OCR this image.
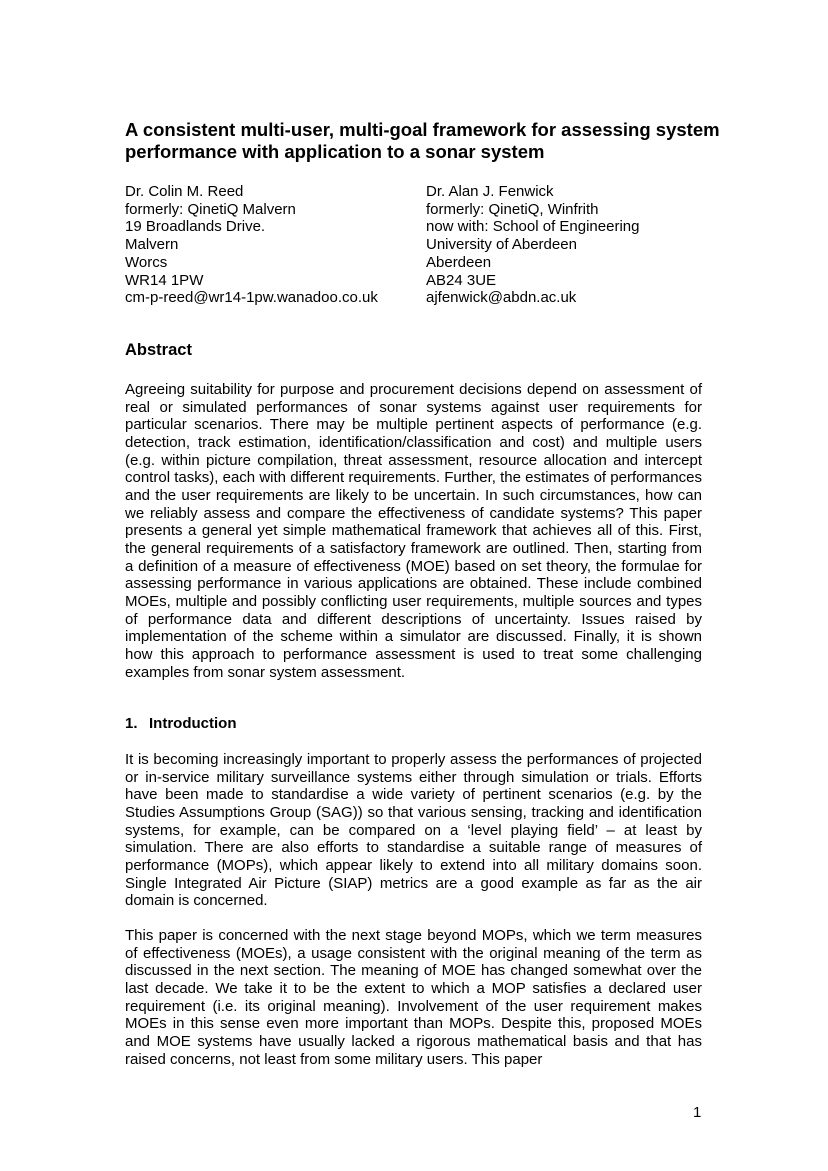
A consistent multi-user, multi-goal framework for assessing system performance with application to a sonar system
Dr. Colin M. Reed
formerly: QinetiQ Malvern
19 Broadlands Drive.
Malvern
Worcs
WR14 1PW
cm-p-reed@wr14-1pw.wanadoo.co.uk
Dr. Alan J. Fenwick
formerly: QinetiQ, Winfrith
now with: School of Engineering
University of Aberdeen
Aberdeen
AB24 3UE
ajfenwick@abdn.ac.uk
Abstract

Agreeing suitability for purpose and procurement decisions depend on assessment of real or simulated performances of sonar systems against user requirements for particular scenarios. There may be multiple pertinent aspects of performance (e.g. detection, track estimation, identification/classification and cost) and multiple users (e.g. within picture compilation, threat assessment, resource allocation and intercept control tasks), each with different requirements. Further, the estimates of performances and the user requirements are likely to be uncertain. In such circumstances, how can we reliably assess and compare the effectiveness of candidate systems? This paper presents a general yet simple mathematical framework that achieves all of this. First, the general requirements of a satisfactory framework are outlined. Then, starting from a definition of a measure of effectiveness (MOE) based on set theory, the formulae for assessing performance in various applications are obtained. These include combined MOEs, multiple and possibly conflicting user requirements, multiple sources and types of performance data and different descriptions of uncertainty. Issues raised by implementation of the scheme within a simulator are discussed. Finally, it is shown how this approach to performance assessment is used to treat some challenging examples from sonar system assessment.

1. Introduction

It is becoming increasingly important to properly assess the performances of projected or in-service military surveillance systems either through simulation or trials. Efforts have been made to standardise a wide variety of pertinent scenarios (e.g. by the Studies Assumptions Group (SAG)) so that various sensing, tracking and identification systems, for example, can be compared on a ‘level playing field’ – at least by simulation. There are also efforts to standardise a suitable range of measures of performance (MOPs), which appear likely to extend into all military domains soon. Single Integrated Air Picture (SIAP) metrics are a good example as far as the air domain is concerned.

This paper is concerned with the next stage beyond MOPs, which we term measures of effectiveness (MOEs), a usage consistent with the original meaning of the term as discussed in the next section. The meaning of MOE has changed somewhat over the last decade. We take it to be the extent to which a MOP satisfies a declared user requirement (i.e. its original meaning). Involvement of the user requirement makes MOEs in this sense even more important than MOPs. Despite this, proposed MOEs and MOE systems have usually lacked a rigorous mathematical basis and that has raised concerns, not least from some military users. This paper

1
